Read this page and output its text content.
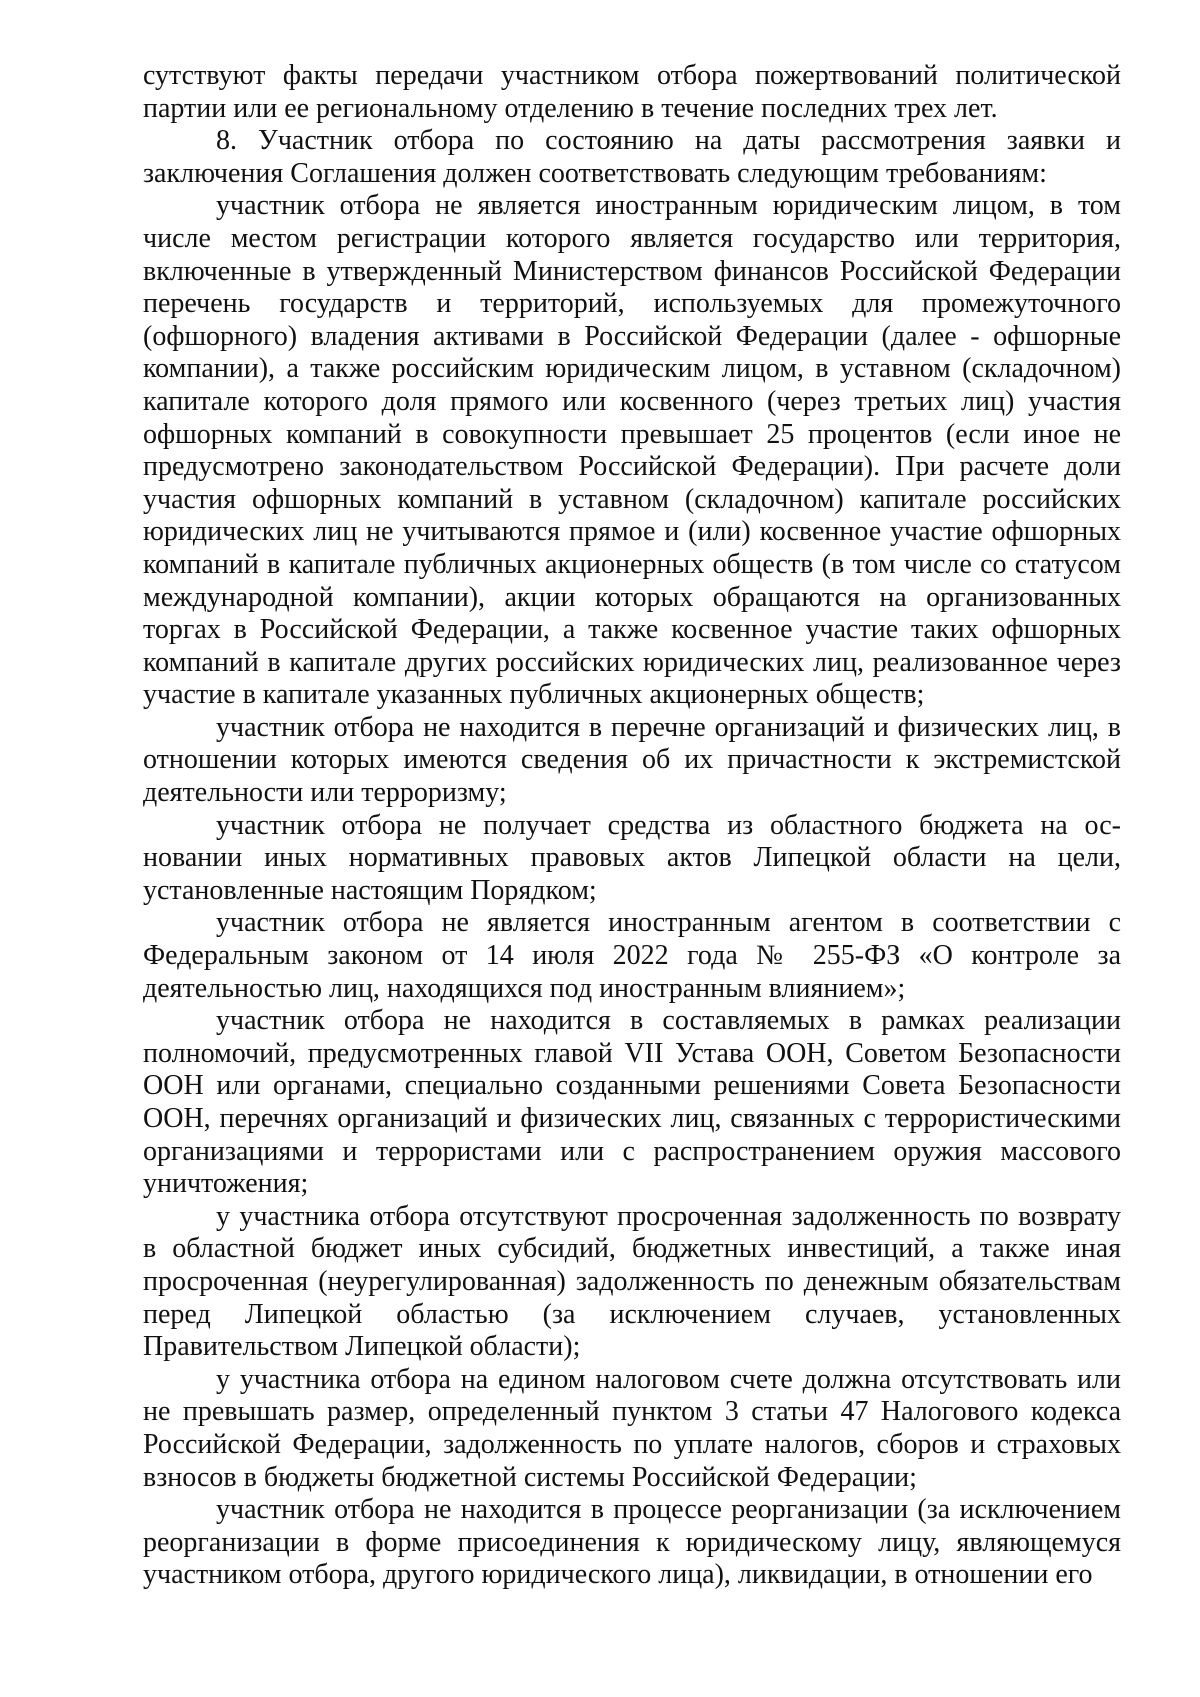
сутствуют факты передачи участником отбора пожертвований политической партии или ее региональному отделению в течение последних трех лет.

8. Участник отбора по состоянию на даты рассмотрения заявки и заключения Соглашения должен соответствовать следующим требованиям:

участник отбора не является иностранным юридическим лицом, в том числе местом регистрации которого является государство или территория, включенные в утвержденный Министерством финансов Российской Федерации перечень государств и территорий, используемых для промежуточного (офшорного) владения активами в Российской Федерации (далее - офшорные компании), а также российским юридическим лицом, в уставном (складочном) капитале которого доля прямого или косвенного (через третьих лиц) участия офшорных компаний в совокупности превышает 25 процентов (если иное не предусмотрено законодательством Российской Федерации). При расчете доли участия офшорных компаний в уставном (складочном) капитале российских юридических лиц не учитываются прямое и (или) косвенное участие офшорных компаний в капитале публичных акционерных обществ (в том числе со статусом международной компании), акции которых обращаются на организованных торгах в Российской Федерации, а также косвенное участие таких офшорных компаний в капитале других российских юридических лиц, реализованное через участие в капитале указанных публичных акционерных обществ;

участник отбора не находится в перечне организаций и физических лиц, в отношении которых имеются сведения об их причастности к экстремистской деятельности или терроризму;

участник отбора не получает средства из областного бюджета на основании иных нормативных правовых актов Липецкой области на цели, установленные настоящим Порядком;

участник отбора не является иностранным агентом в соответствии с Федеральным законом от 14 июля 2022 года № 255-ФЗ «О контроле за деятельностью лиц, находящихся под иностранным влиянием»;

участник отбора не находится в составляемых в рамках реализации полномочий, предусмотренных главой VII Устава ООН, Советом Безопасности ООН или органами, специально созданными решениями Совета Безопасности ООН, перечнях организаций и физических лиц, связанных с террористическими организациями и террористами или с распространением оружия массового уничтожения;

у участника отбора отсутствуют просроченная задолженность по возврату в областной бюджет иных субсидий, бюджетных инвестиций, а также иная просроченная (неурегулированная) задолженность по денежным обязательствам перед Липецкой областью (за исключением случаев, установленных Правительством Липецкой области);

у участника отбора на едином налоговом счете должна отсутствовать или не превышать размер, определенный пунктом 3 статьи 47 Налогового кодекса Российской Федерации, задолженность по уплате налогов, сборов и страховых взносов в бюджеты бюджетной системы Российской Федерации;

участник отбора не находится в процессе реорганизации (за исключением реорганизации в форме присоединения к юридическому лицу, являющемуся участником отбора, другого юридического лица), ликвидации, в отношении его
